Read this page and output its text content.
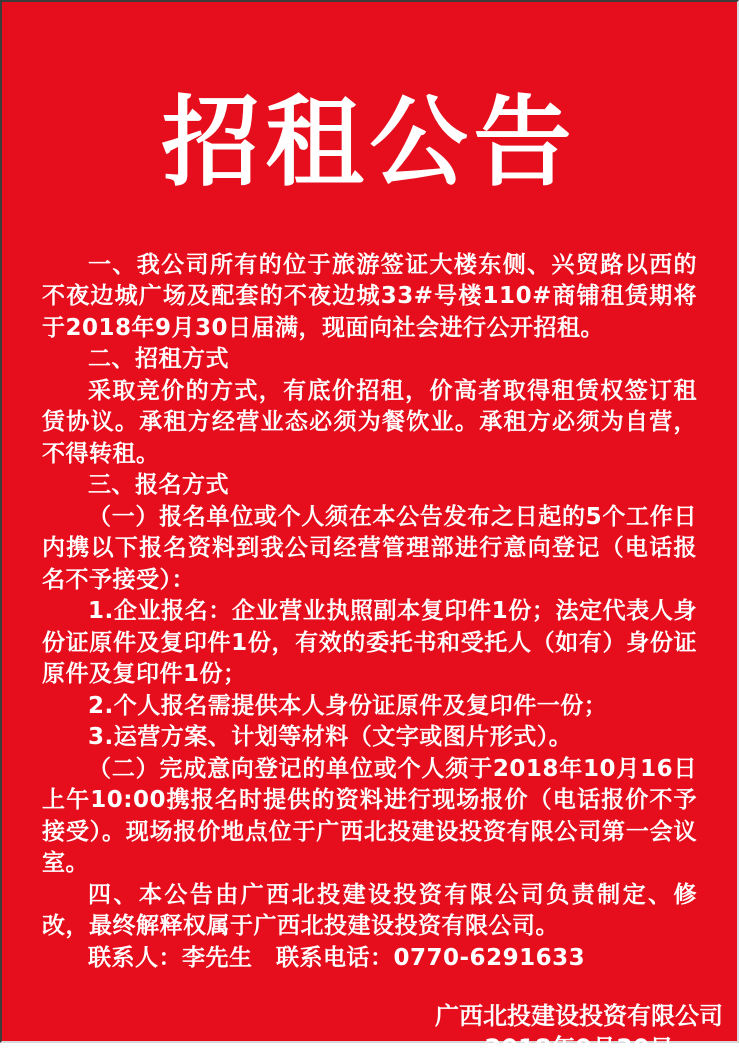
招租公告

一、我公司所有的位于旅游签证大楼东侧、兴贸路以西的不夜边城广场及配套的不夜边城33#号楼110#商铺租赁期将于2018年9月30日届满，现面向社会进行公开招租。

二、招租方式

采取竞价的方式，有底价招租，价高者取得租赁权签订租赁协议。承租方经营业态必须为餐饮业。承租方必须为自营，不得转租。

三、报名方式

（一）报名单位或个人须在本公告发布之日起的5个工作日内携以下报名资料到我公司经营管理部进行意向登记（电话报名不予接受）：

1.企业报名：企业营业执照副本复印件1份；法定代表人身份证原件及复印件1份，有效的委托书和受托人（如有）身份证原件及复印件1份；

2.个人报名需提供本人身份证原件及复印件一份；

3.运营方案、计划等材料（文字或图片形式）。

（二）完成意向登记的单位或个人须于2018年10月16日上午10:00携报名时提供的资料进行现场报价（电话报价不予接受）。现场报价地点位于广西北投建设投资有限公司第一会议室。

四、本公告由广西北投建设投资有限公司负责制定、修改，最终解释权属于广西北投建设投资有限公司。

联系人：李先生　联系电话：0770-6291633

广西北投建设投资有限公司

2018年9月30日
